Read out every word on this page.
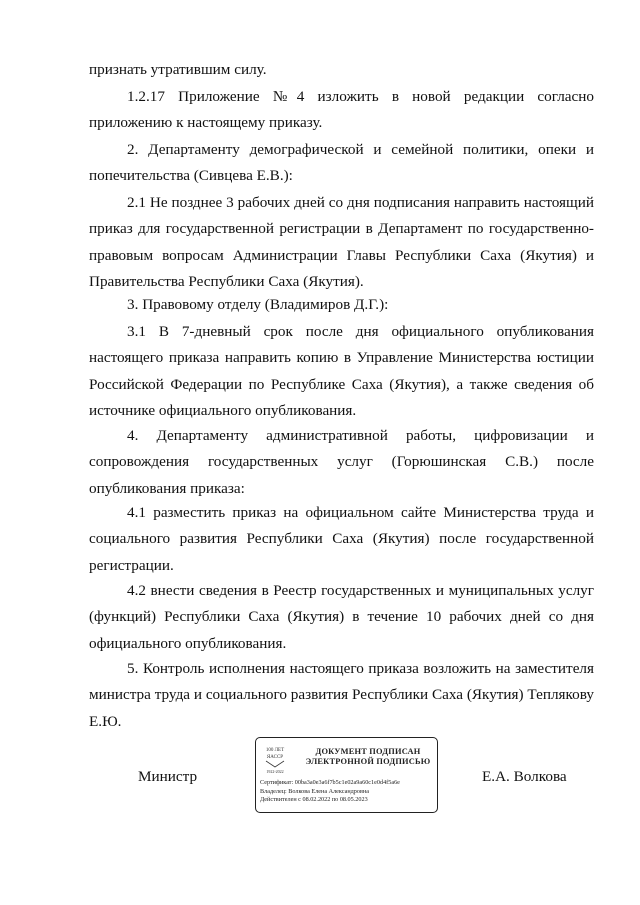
признать утратившим силу.

1.2.17 Приложение №4 изложить в новой редакции согласно приложению к настоящему приказу.

2. Департаменту демографической и семейной политики, опеки и попечительства (Сивцева Е.В.):

2.1 Не позднее 3 рабочих дней со дня подписания направить настоящий приказ для государственной регистрации в Департамент по государственно-правовым вопросам Администрации Главы Республики Саха (Якутия) и Правительства Республики Саха (Якутия).

3. Правовому отделу (Владимиров Д.Г.):

3.1 В 7-дневный срок после дня официального опубликования настоящего приказа направить копию в Управление Министерства юстиции Российской Федерации по Республике Саха (Якутия), а также сведения об источнике официального опубликования.

4. Департаменту административной работы, цифровизации и сопровождения государственных услуг (Горюшинская С.В.) после опубликования приказа:

4.1 разместить приказ на официальном сайте Министерства труда и социального развития Республики Саха (Якутия) после государственной регистрации.

4.2 внести сведения в Реестр государственных и муниципальных услуг (функций) Республики Саха (Якутия) в течение 10 рабочих дней со дня официального опубликования.

5. Контроль исполнения настоящего приказа возложить на заместителя министра труда и социального развития Республики Саха (Якутия) Теплякову Е.Ю.

Министр	Е.А. Волкова
100 ЛЕТ
ЯАССР
1922-2022
ДОКУМЕНТ ПОДПИСАН
ЭЛЕКТРОННОЙ ПОДПИСЬЮ
Сертификат: 00ba3a0e3a6f7b5c1e02a9a60c1e0d4f5a6e
Владелец: Волкова Елена Александровна
Действителен с 08.02.2022 по 08.05.2023
